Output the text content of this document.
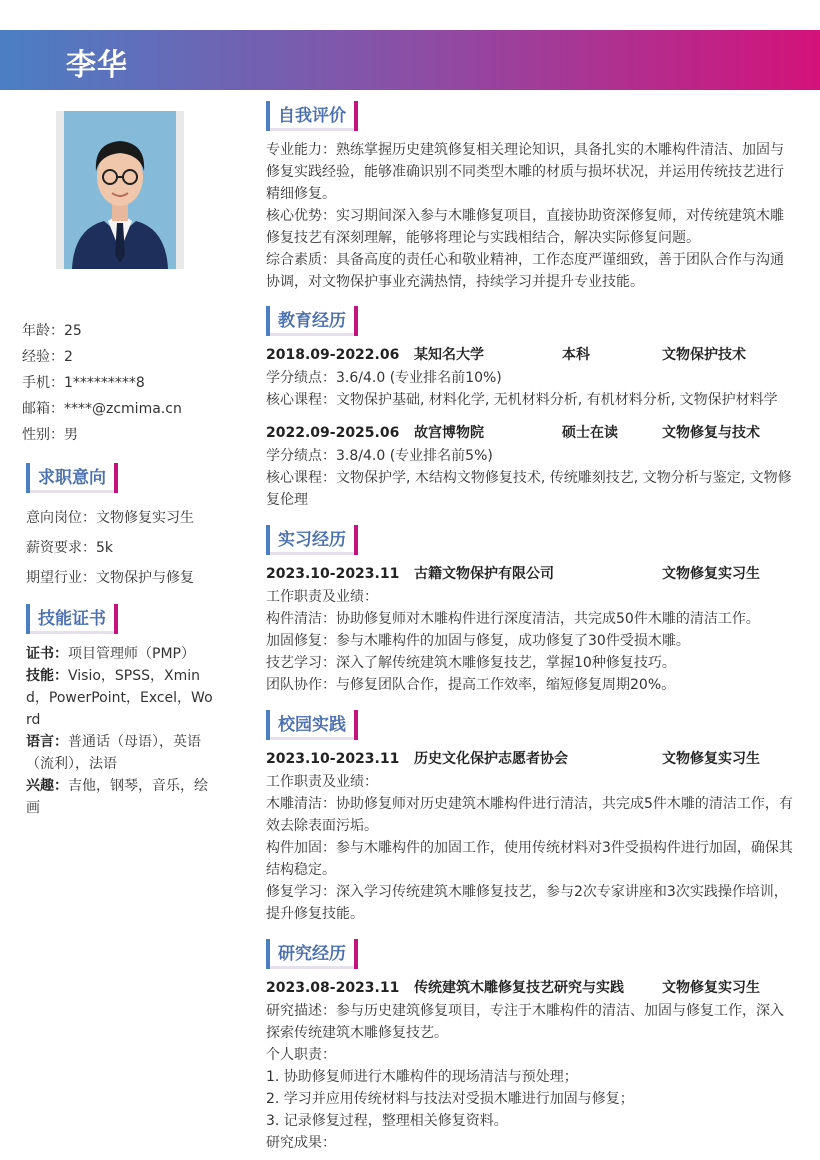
李华
年龄：25
经验：2
手机：1*********8
邮箱：****@zcmima.cn
性别：男
求职意向
意向岗位：文物修复实习生
薪资要求：5k
期望行业：文物保护与修复
技能证书
证书：项目管理师（PMP）
技能：Visio，SPSS，Xmind，PowerPoint，Excel，Word
语言：普通话（母语），英语（流利），法语
兴趣：吉他，钢琴，音乐，绘画
自我评价

专业能力：熟练掌握历史建筑修复相关理论知识，具备扎实的木雕构件清洁、加固与修复实践经验，能够准确识别不同类型木雕的材质与损坏状况，并运用传统技艺进行精细修复。

核心优势：实习期间深入参与木雕修复项目，直接协助资深修复师，对传统建筑木雕修复技艺有深刻理解，能够将理论与实践相结合，解决实际修复问题。

综合素质：具备高度的责任心和敬业精神，工作态度严谨细致，善于团队合作与沟通协调，对文物保护事业充满热情，持续学习并提升专业技能。

教育经历
2018.09-2022.06 某知名大学	本科	文物保护技术

学分绩点：3.6/4.0 (专业排名前10%)

核心课程：文物保护基础, 材料化学, 无机材料分析, 有机材料分析, 文物保护材料学

2022.09-2025.06 故宫博物院	硕士在读	文物修复与技术

学分绩点：3.8/4.0 (专业排名前5%)

核心课程：文物保护学, 木结构文物修复技术, 传统雕刻技艺, 文物分析与鉴定, 文物修复伦理

实习经历
2023.10-2023.11 古籍文物保护有限公司	文物修复实习生

工作职责及业绩：

构件清洁：协助修复师对木雕构件进行深度清洁，共完成50件木雕的清洁工作。

加固修复：参与木雕构件的加固与修复，成功修复了30件受损木雕。

技艺学习：深入了解传统建筑木雕修复技艺，掌握10种修复技巧。

团队协作：与修复团队合作，提高工作效率，缩短修复周期20%。

校园实践
2023.10-2023.11 历史文化保护志愿者协会	文物修复实习生

工作职责及业绩：

木雕清洁：协助修复师对历史建筑木雕构件进行清洁，共完成5件木雕的清洁工作，有效去除表面污垢。

构件加固：参与木雕构件的加固工作，使用传统材料对3件受损构件进行加固，确保其结构稳定。

修复学习：深入学习传统建筑木雕修复技艺，参与2次专家讲座和3次实践操作培训，提升修复技能。

研究经历
2023.08-2023.11 传统建筑木雕修复技艺研究与实践	文物修复实习生

研究描述：参与历史建筑修复项目，专注于木雕构件的清洁、加固与修复工作，深入探索传统建筑木雕修复技艺。

个人职责：

1. 协助修复师进行木雕构件的现场清洁与预处理；

2. 学习并应用传统材料与技法对受损木雕进行加固与修复；

3. 记录修复过程，整理相关修复资料。

研究成果：
